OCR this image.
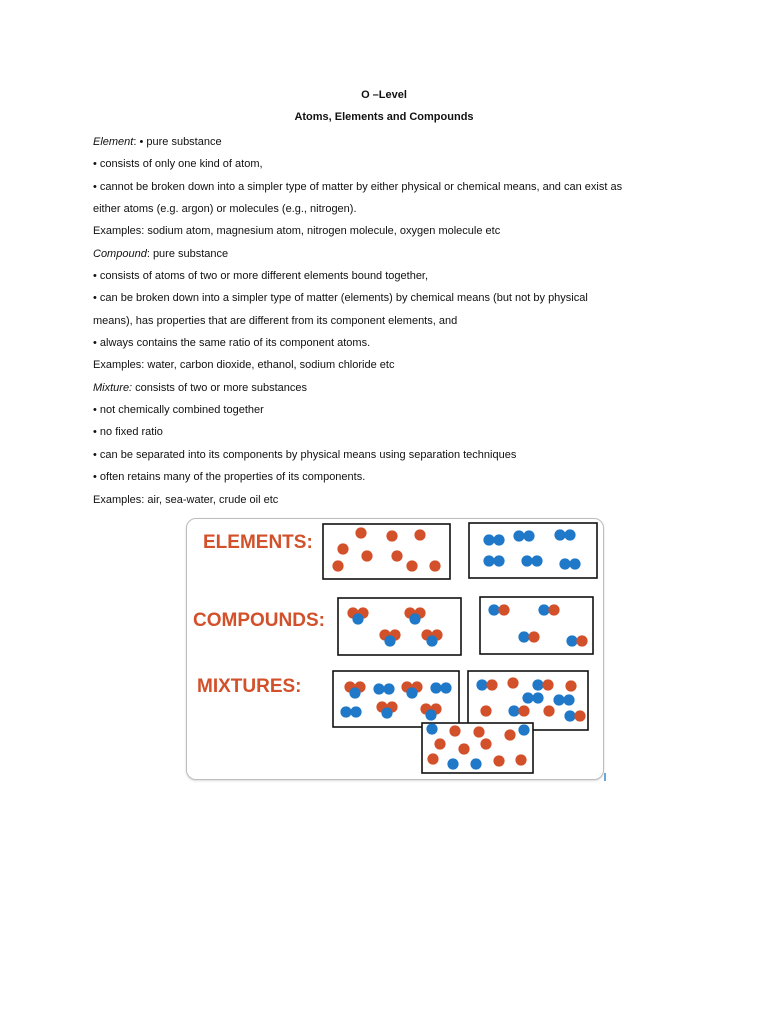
O –Level
Atoms, Elements and Compounds
Element: • pure substance
• consists of only one kind of atom,
• cannot be broken down into a simpler type of matter by either physical or chemical means, and can exist as
either atoms (e.g. argon) or molecules (e.g., nitrogen).
Examples: sodium atom, magnesium atom, nitrogen molecule, oxygen molecule etc
Compound: pure substance
• consists of atoms of two or more different elements bound together,
• can be broken down into a simpler type of matter (elements) by chemical means (but not by physical
means), has properties that are different from its component elements, and
• always contains the same ratio of its component atoms.
Examples: water, carbon dioxide, ethanol, sodium chloride etc
Mixture: consists of two or more substances
• not chemically combined together
• no fixed ratio
• can be separated into its components by physical means using separation techniques
• often retains many of the properties of its components.
Examples: air, sea-water, crude oil etc
ELEMENTS:
COMPOUNDS:
MIXTURES:
